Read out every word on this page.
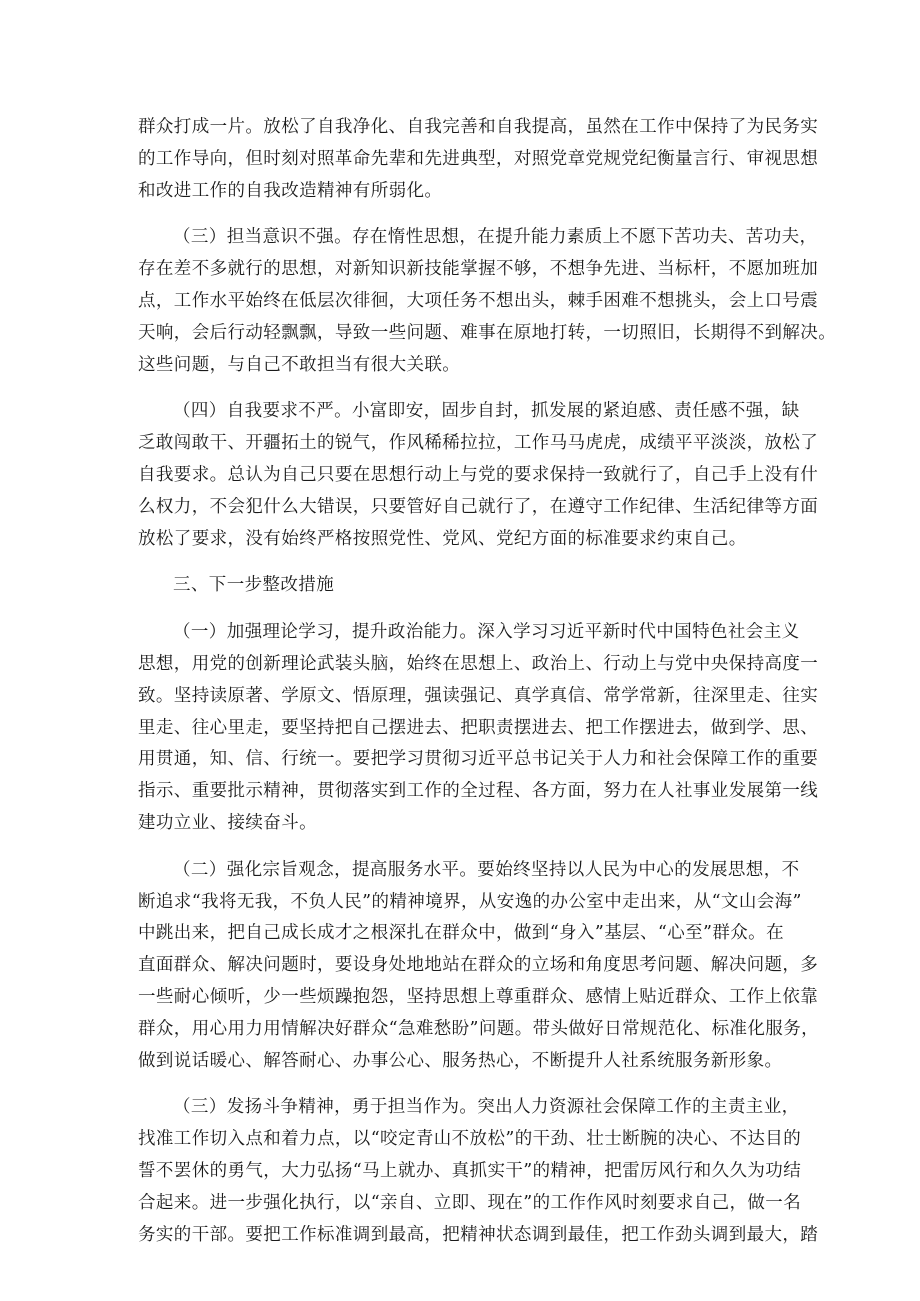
群众打成一片。放松了自我净化、自我完善和自我提高，虽然在工作中保持了为民务实
的工作导向，但时刻对照革命先辈和先进典型，对照党章党规党纪衡量言行、审视思想
和改进工作的自我改造精神有所弱化。
（三）担当意识不强。存在惰性思想，在提升能力素质上不愿下苦功夫、苦功夫，
存在差不多就行的思想，对新知识新技能掌握不够，不想争先进、当标杆，不愿加班加
点，工作水平始终在低层次徘徊，大项任务不想出头，棘手困难不想挑头，会上口号震
天响，会后行动轻飘飘，导致一些问题、难事在原地打转，一切照旧，长期得不到解决。
这些问题，与自己不敢担当有很大关联。
（四）自我要求不严。小富即安，固步自封，抓发展的紧迫感、责任感不强，缺
乏敢闯敢干、开疆拓土的锐气，作风稀稀拉拉，工作马马虎虎，成绩平平淡淡，放松了
自我要求。总认为自己只要在思想行动上与党的要求保持一致就行了，自己手上没有什
么权力，不会犯什么大错误，只要管好自己就行了，在遵守工作纪律、生活纪律等方面
放松了要求，没有始终严格按照党性、党风、党纪方面的标准要求约束自己。
三、下一步整改措施
（一）加强理论学习，提升政治能力。深入学习习近平新时代中国特色社会主义
思想，用党的创新理论武装头脑，始终在思想上、政治上、行动上与党中央保持高度一
致。坚持读原著、学原文、悟原理，强读强记、真学真信、常学常新，往深里走、往实
里走、往心里走，要坚持把自己摆进去、把职责摆进去、把工作摆进去，做到学、思、
用贯通，知、信、行统一。要把学习贯彻习近平总书记关于人力和社会保障工作的重要
指示、重要批示精神，贯彻落实到工作的全过程、各方面，努力在人社事业发展第一线
建功立业、接续奋斗。
（二）强化宗旨观念，提高服务水平。要始终坚持以人民为中心的发展思想，不
断追求“我将无我，不负人民”的精神境界，从安逸的办公室中走出来，从“文山会海”
中跳出来，把自己成长成才之根深扎在群众中，做到“身入”基层、“心至”群众。在
直面群众、解决问题时，要设身处地地站在群众的立场和角度思考问题、解决问题，多
一些耐心倾听，少一些烦躁抱怨，坚持思想上尊重群众、感情上贴近群众、工作上依靠
群众，用心用力用情解决好群众“急难愁盼”问题。带头做好日常规范化、标准化服务，
做到说话暖心、解答耐心、办事公心、服务热心，不断提升人社系统服务新形象。
（三）发扬斗争精神，勇于担当作为。突出人力资源社会保障工作的主责主业，
找准工作切入点和着力点，以“咬定青山不放松”的干劲、壮士断腕的决心、不达目的
誓不罢休的勇气，大力弘扬“马上就办、真抓实干”的精神，把雷厉风行和久久为功结
合起来。进一步强化执行，以“亲自、立即、现在”的工作作风时刻要求自己，做一名
务实的干部。要把工作标准调到最高，把精神状态调到最佳，把工作劲头调到最大，踏
